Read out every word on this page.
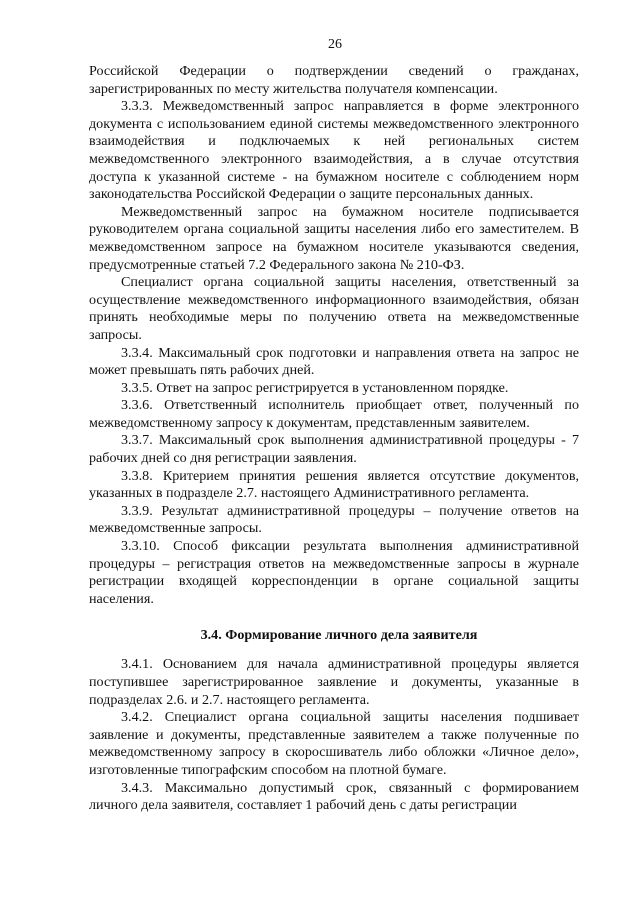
26

Российской Федерации о подтверждении сведений о гражданах, зарегистрированных по месту жительства получателя компенсации.

3.3.3. Межведомственный запрос направляется в форме электронного документа с использованием единой системы межведомственного электронного взаимодействия и подключаемых к ней региональных систем межведомственного электронного взаимодействия, а в случае отсутствия доступа к указанной системе - на бумажном носителе с соблюдением норм законодательства Российской Федерации о защите персональных данных.

Межведомственный запрос на бумажном носителе подписывается руководителем органа социальной защиты населения либо его заместителем. В межведомственном запросе на бумажном носителе указываются сведения, предусмотренные статьей 7.2 Федерального закона № 210-ФЗ.

Специалист органа социальной защиты населения, ответственный за осуществление межведомственного информационного взаимодействия, обязан принять необходимые меры по получению ответа на межведомственные запросы.

3.3.4. Максимальный срок подготовки и направления ответа на запрос не может превышать пять рабочих дней.

3.3.5. Ответ на запрос регистрируется в установленном порядке.

3.3.6. Ответственный исполнитель приобщает ответ, полученный по межведомственному запросу к документам, представленным заявителем.

3.3.7. Максимальный срок выполнения административной процедуры - 7 рабочих дней со дня регистрации заявления.

3.3.8. Критерием принятия решения является отсутствие документов, указанных в подразделе 2.7. настоящего Административного регламента.

3.3.9. Результат административной процедуры – получение ответов на межведомственные запросы.

3.3.10. Способ фиксации результата выполнения административной процедуры – регистрация ответов на межведомственные запросы в журнале регистрации входящей корреспонденции в органе социальной защиты населения.

3.4. Формирование личного дела заявителя

3.4.1. Основанием для начала административной процедуры является поступившее зарегистрированное заявление и документы, указанные в подразделах 2.6. и 2.7. настоящего регламента.

3.4.2. Специалист органа социальной защиты населения подшивает заявление и документы, представленные заявителем а также полученные по межведомственному запросу в скоросшиватель либо обложки «Личное дело», изготовленные типографским способом на плотной бумаге.

3.4.3. Максимально допустимый срок, связанный с формированием личного дела заявителя, составляет 1 рабочий день с даты регистрации
